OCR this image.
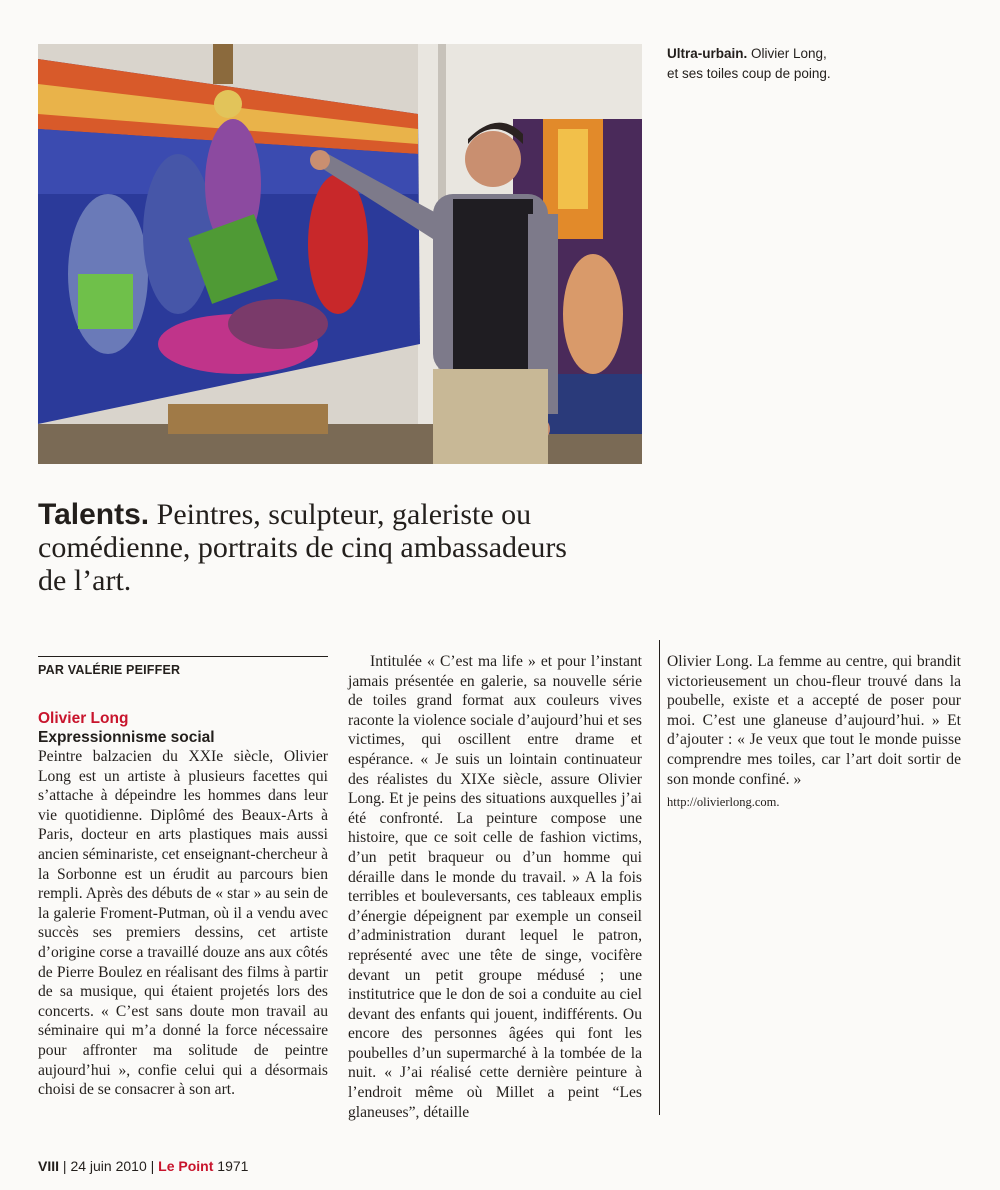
Ultra-urbain. Olivier Long,
et ses toiles coup de poing.
Talents. Peintres, sculpteur, galeriste ou comédienne, portraits de cinq ambassadeurs de l’art.
PAR VALÉRIE PEIFFER
Olivier Long
Expressionnisme social

Peintre balzacien du XXIe siècle, Olivier Long est un artiste à plusieurs facettes qui s’attache à dépeindre les hommes dans leur vie quotidienne. Diplômé des Beaux-Arts à Paris, docteur en arts plastiques mais aussi ancien séminariste, cet enseignant-chercheur à la Sorbonne est un érudit au parcours bien rempli. Après des débuts de « star » au sein de la galerie Froment-Putman, où il a vendu avec succès ses premiers dessins, cet artiste d’origine corse a travaillé douze ans aux côtés de Pierre Boulez en réalisant des films à partir de sa musique, qui étaient projetés lors des concerts. « C’est sans doute mon travail au séminaire qui m’a donné la force nécessaire pour affronter ma solitude de peintre aujourd’hui », confie celui qui a désormais choisi de se consacrer à son art.

Intitulée « C’est ma life » et pour l’instant jamais présentée en galerie, sa nouvelle série de toiles grand format aux couleurs vives raconte la violence sociale d’aujourd’hui et ses victimes, qui oscillent entre drame et espérance. « Je suis un lointain continuateur des réalistes du XIXe siècle, assure Olivier Long. Et je peins des situations auxquelles j’ai été confronté. La peinture compose une histoire, que ce soit celle de fashion victims, d’un petit braqueur ou d’un homme qui déraille dans le monde du travail. » A la fois terribles et bouleversants, ces tableaux emplis d’énergie dépeignent par exemple un conseil d’administration durant lequel le patron, représenté avec une tête de singe, vocifère devant un petit groupe médusé ; une institutrice que le don de soi a conduite au ciel devant des enfants qui jouent, indifférents. Ou encore des personnes âgées qui font les poubelles d’un supermarché à la tombée de la nuit. « J’ai réalisé cette dernière peinture à l’endroit même où Millet a peint “Les glaneuses”, détaille

Olivier Long. La femme au centre, qui brandit victorieusement un chou-fleur trouvé dans la poubelle, existe et a accepté de poser pour moi. C’est une glaneuse d’aujourd’hui. » Et d’ajouter : « Je veux que tout le monde puisse comprendre mes toiles, car l’art doit sortir de son monde confiné. »

http://olivierlong.com.
VIII | 24 juin 2010 | Le Point 1971
